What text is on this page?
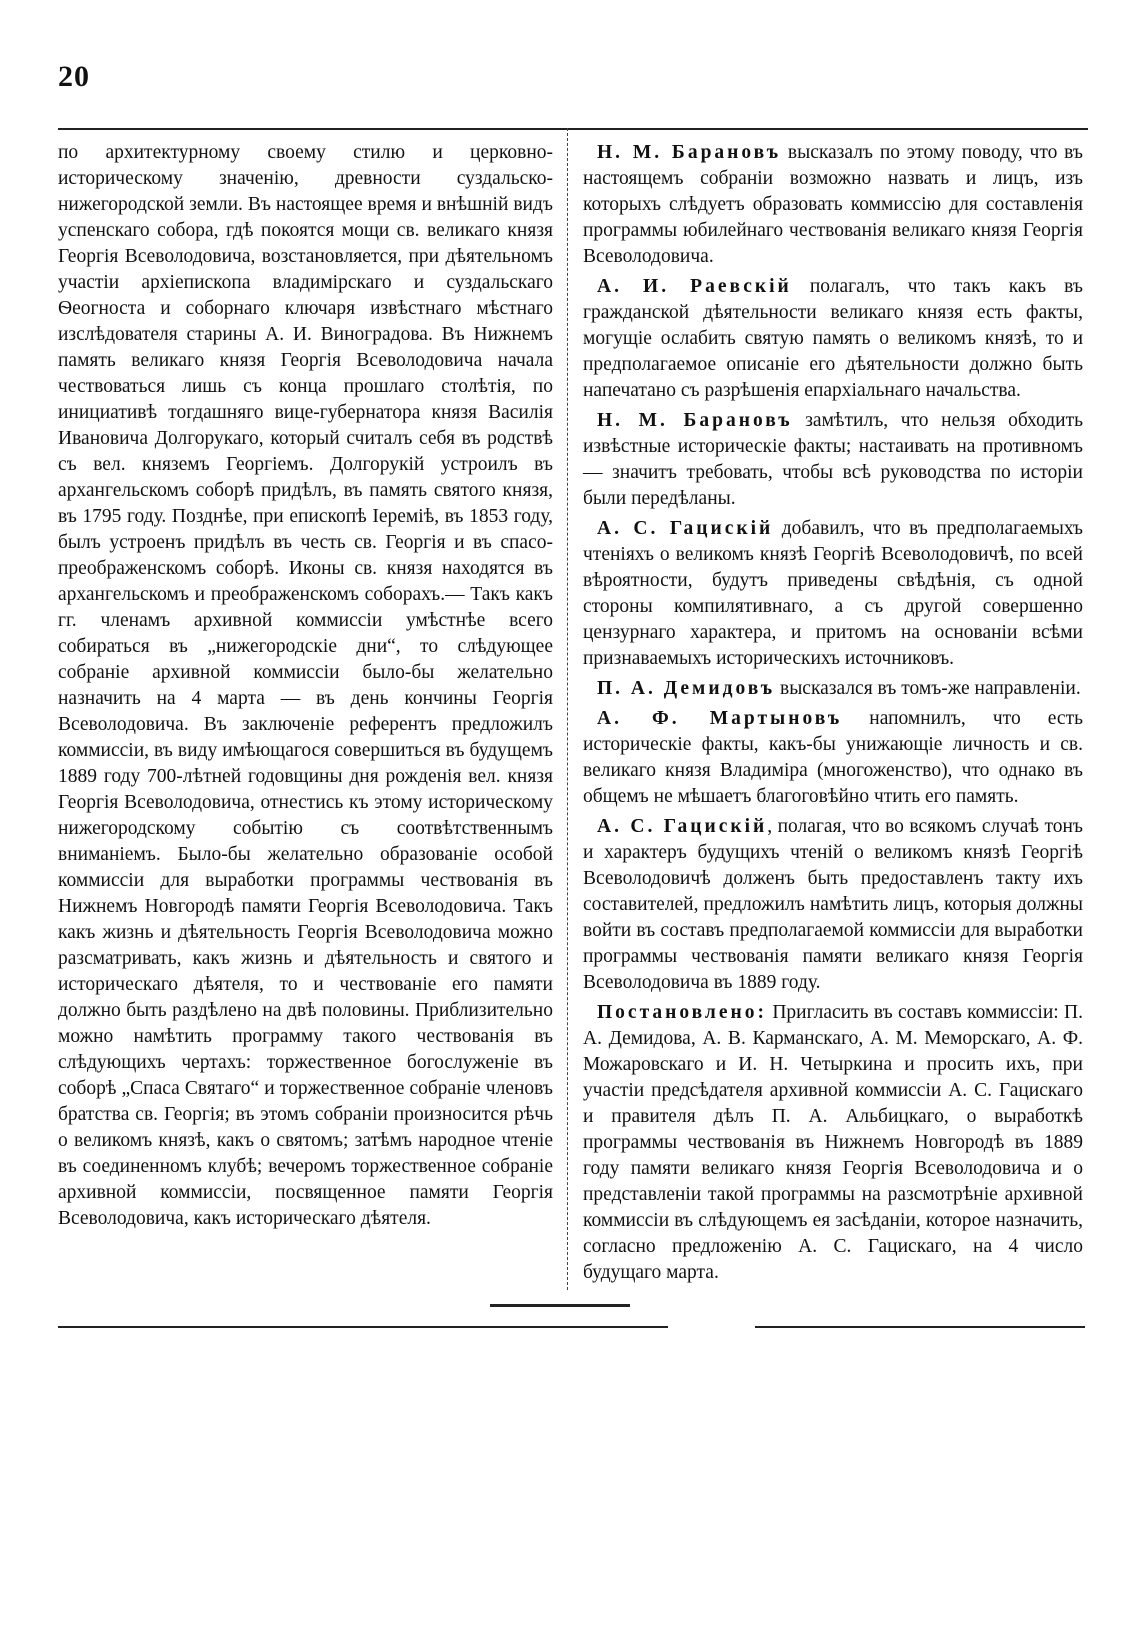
20

по архитектурному своему стилю и церковно-историческому значенію, древности суздальско-нижегородской земли. Въ настоящее время и внѣшній видъ успенскаго собора, гдѣ покоятся мощи св. великаго князя Георгія Всеволодовича, возстановляется, при дѣятельномъ участіи архіепископа владимірскаго и суздальскаго Ѳеогноста и соборнаго ключаря извѣстнаго мѣстнаго изслѣдователя старины А. И. Виноградова. Въ Нижнемъ память великаго князя Георгія Всеволодовича начала чествоваться лишь съ конца прошлаго столѣтія, по инициативѣ тогдашняго вице-губернатора князя Василія Ивановича Долгорукаго, который считалъ себя въ родствѣ съ вел. княземъ Георгіемъ. Долгорукій устроилъ въ архангельскомъ соборѣ придѣлъ, въ память святого князя, въ 1795 году. Позднѣе, при епископѣ Іереміѣ, въ 1853 году, былъ устроенъ придѣлъ въ честь св. Георгія и въ спасо-преображенскомъ соборѣ. Иконы св. князя находятся въ архангельскомъ и преображенскомъ соборахъ.— Такъ какъ гг. членамъ архивной коммиссіи умѣстнѣе всего собираться въ „нижегородскіе дни“, то слѣдующее собраніе архивной коммиссіи было-бы желательно назначить на 4 марта — въ день кончины Георгія Всеволодовича. Въ заключеніе референтъ предложилъ коммиссіи, въ виду имѣющагося совершиться въ будущемъ 1889 году 700-лѣтней годовщины дня рожденія вел. князя Георгія Всеволодовича, отнестись къ этому историческому нижегородскому событію съ соотвѣтственнымъ вниманіемъ. Было-бы желательно образованіе особой коммиссіи для выработки программы чествованія въ Нижнемъ Новгородѣ памяти Георгія Всеволодовича. Такъ какъ жизнь и дѣятельность Георгія Всеволодовича можно разсматривать, какъ жизнь и дѣятельность и святого и историческаго дѣятеля, то и чествованіе его памяти должно быть раздѣлено на двѣ половины. Приблизительно можно намѣтить программу такого чествованія въ слѣдующихъ чертахъ: торжественное богослуженіе въ соборѣ „Спаса Святаго“ и торжественное собраніе членовъ братства св. Георгія; въ этомъ собраніи произносится рѣчь о великомъ князѣ, какъ о святомъ; затѣмъ народное чтеніе въ соединенномъ клубѣ; вечеромъ торжественное собраніе архивной коммиссіи, посвященное памяти Георгія Всеволодовича, какъ историческаго дѣятеля.

Н. М. Барановъ высказалъ по этому поводу, что въ настоящемъ собраніи возможно назвать и лицъ, изъ которыхъ слѣдуетъ образовать коммиссію для составленія программы юбилейнаго чествованія великаго князя Георгія Всеволодовича.

А. И. Раевскій полагалъ, что такъ какъ въ гражданской дѣятельности великаго князя есть факты, могущіе ослабить святую память о великомъ князѣ, то и предполагаемое описаніе его дѣятельности должно быть напечатано съ разрѣшенія епархіальнаго начальства.

Н. М. Барановъ замѣтилъ, что нельзя обходить извѣстные историческіе факты; настаивать на противномъ — значитъ требовать, чтобы всѣ руководства по исторіи были передѣланы.

А. С. Гацискій добавилъ, что въ предполагаемыхъ чтеніяхъ о великомъ князѣ Георгіѣ Всеволодовичѣ, по всей вѣроятности, будутъ приведены свѣдѣнія, съ одной стороны компилятивнаго, а съ другой совершенно цензурнаго характера, и притомъ на основаніи всѣми признаваемыхъ историческихъ источниковъ.

П. А. Демидовъ высказался въ томъ-же направленіи.

А. Ф. Мартыновъ напомнилъ, что есть историческіе факты, какъ-бы унижающіе личность и св. великаго князя Владиміра (многоженство), что однако въ общемъ не мѣшаетъ благоговѣйно чтить его память.

А. С. Гацискій, полагая, что во всякомъ случаѣ тонъ и характеръ будущихъ чтеній о великомъ князѣ Георгіѣ Всеволодовичѣ долженъ быть предоставленъ такту ихъ составителей, предложилъ намѣтить лицъ, которыя должны войти въ составъ предполагаемой коммиссіи для выработки программы чествованія памяти великаго князя Георгія Всеволодовича въ 1889 году.

Постановлено: Пригласить въ составъ коммиссіи: П. А. Демидова, А. В. Карманскаго, А. М. Меморскаго, А. Ф. Можаровскаго и И. Н. Четыркина и просить ихъ, при участіи предсѣдателя архивной коммиссіи А. С. Гацискаго и правителя дѣлъ П. А. Альбицкаго, о выработкѣ программы чествованія въ Нижнемъ Новгородѣ въ 1889 году памяти великаго князя Георгія Всеволодовича и о представленіи такой программы на разсмотрѣніе архивной коммиссіи въ слѣдующемъ ея засѣданіи, которое назначить, согласно предложенію А. С. Гацискаго, на 4 число будущаго марта.
